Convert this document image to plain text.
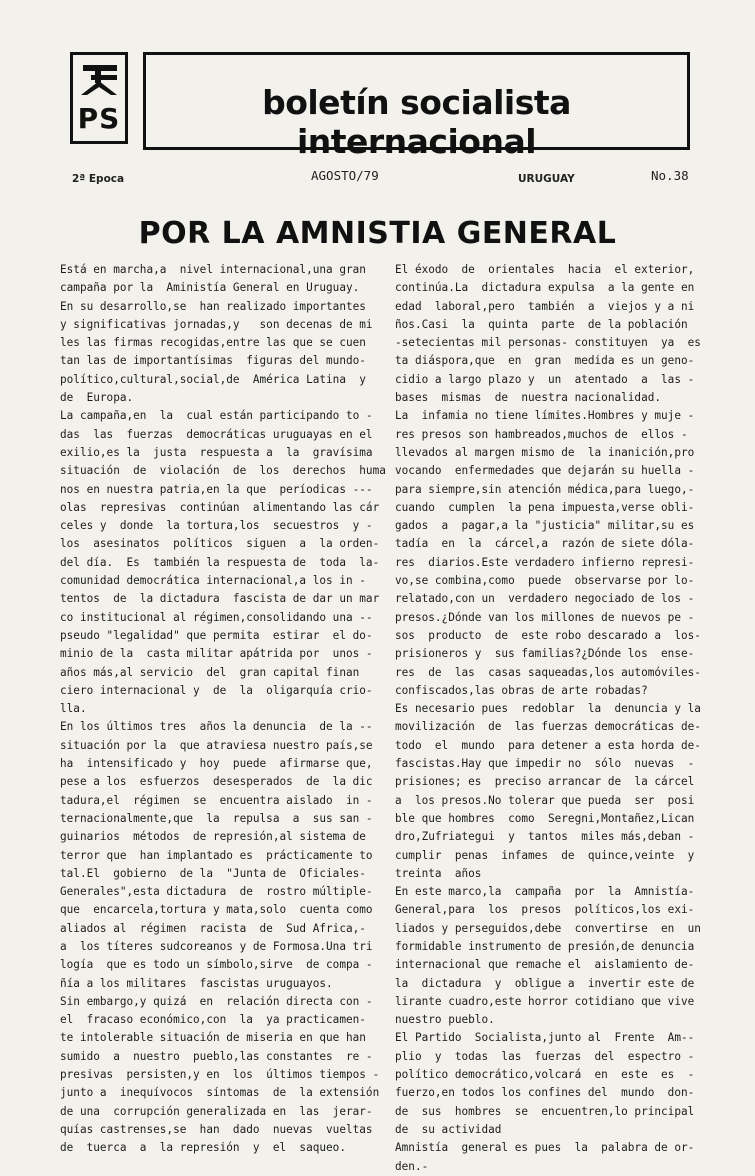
PS	boletín socialista internacional
2ª Epoca	AGOSTO/79	URUGUAY	No.38
POR LA AMNISTIA GENERAL
Está en marcha,a  nivel internacional,una gran
campaña por la  Aministía General en Uruguay.
En su desarrollo,se  han realizado importantes
y significativas jornadas,y   son decenas de mi
les las firmas recogidas,entre las que se cuen
tan las de importantísimas  figuras del mundo-
político,cultural,social,de  América Latina  y
de  Europa.
La campaña,en  la  cual están participando to -
das  las  fuerzas  democráticas uruguayas en el
exilio,es la  justa  respuesta a  la  gravísima
situación  de  violación  de  los  derechos  huma
nos en nuestra patria,en la que  períodicas ---
olas  represivas  continúan  alimentando las cár
celes y  donde  la tortura,los  secuestros  y -
los  asesinatos  políticos  siguen  a  la orden-
del día.  Es  también la respuesta de  toda  la-
comunidad democrática internacional,a los in -
tentos  de  la dictadura  fascista de dar un mar
co institucional al régimen,consolidando una --
pseudo "legalidad" que permita  estirar  el do-
minio de la  casta militar apátrida por  unos -
años más,al servicio  del  gran capital finan
ciero internacional y  de  la  oligarquía crio-
lla.
En los últimos tres  años la denuncia  de la --
situación por la  que atraviesa nuestro país,se
ha  intensificado y  hoy  puede  afirmarse que,
pese a los  esfuerzos  desesperados  de  la dic
tadura,el  régimen  se  encuentra aislado  in -
ternacionalmente,que  la  repulsa  a  sus san -
guinarios  métodos  de represión,al sistema de
terror que  han implantado es  prácticamente to
tal.El  gobierno  de la  "Junta de  Oficiales-
Generales",esta dictadura  de  rostro múltiple-
que  encarcela,tortura y mata,solo  cuenta como
aliados al  régimen  racista  de  Sud Africa,-
a  los títeres sudcoreanos y de Formosa.Una tri
logía  que es todo un símbolo,sirve  de compa -
ñía a los militares  fascistas uruguayos.
Sin embargo,y quizá  en  relación directa con -
el  fracaso económico,con  la  ya practicamen-
te intolerable situación de miseria en que han
sumido  a  nuestro  pueblo,las constantes  re -
presivas  persisten,y en  los  últimos tiempos -
junto a  inequívocos  síntomas  de  la extensión
de una  corrupción generalizada en  las  jerar-
quías castrenses,se  han  dado  nuevas  vueltas
de  tuerca  a  la represión  y  el  saqueo.
El éxodo  de  orientales  hacia  el exterior,
continúa.La  dictadura expulsa  a la gente en
edad  laboral,pero  también  a  viejos y a ni
ños.Casi  la  quinta  parte  de la población
-setecientas mil personas- constituyen  ya  es
ta diáspora,que  en  gran  medida es un geno-
cidio a largo plazo y  un  atentado  a  las -
bases  mismas  de  nuestra nacionalidad.
La  infamia no tiene límites.Hombres y muje -
res presos son hambreados,muchos de  ellos -
llevados al margen mismo de  la inanición,pro
vocando  enfermedades que dejarán su huella -
para siempre,sin atención médica,para luego,-
cuando  cumplen  la pena impuesta,verse obli-
gados  a  pagar,a la "justicia" militar,su es
tadía  en  la  cárcel,a  razón de siete dóla-
res  diarios.Este verdadero infierno represi-
vo,se combina,como  puede  observarse por lo-
relatado,con un  verdadero negociado de los -
presos.¿Dónde van los millones de nuevos pe -
sos  producto  de  este robo descarado a  los-
prisioneros y  sus familias?¿Dónde los  ense-
res  de  las  casas saqueadas,los automóviles-
confiscados,las obras de arte robadas?
Es necesario pues  redoblar  la  denuncia y la
movilización  de  las fuerzas democráticas de-
todo  el  mundo  para detener a esta horda de-
fascistas.Hay que impedir no  sólo  nuevas  -
prisiones; es  preciso arrancar de  la cárcel
a  los presos.No tolerar que pueda  ser  posi
ble que hombres  como  Seregni,Montañez,Lican
dro,Zufriategui  y  tantos  miles más,deban -
cumplir  penas  infames  de  quince,veinte  y
treinta  años
En este marco,la  campaña  por  la  Amnistía-
General,para  los  presos  políticos,los exi-
liados y perseguidos,debe  convertirse  en  un
formidable instrumento de presión,de denuncia
internacional que remache el  aislamiento de-
la  dictadura  y  obligue a  invertir este de
lirante cuadro,este horror cotidiano que vive
nuestro pueblo.
El Partido  Socialista,junto al  Frente  Am--
plio  y  todas  las  fuerzas  del  espectro -
político democrático,volcará  en  este  es  -
fuerzo,en todos los confines del  mundo  don-
de  sus  hombres  se  encuentren,lo principal
de  su actividad
Amnistía  general es pues  la  palabra de or-
den.-
